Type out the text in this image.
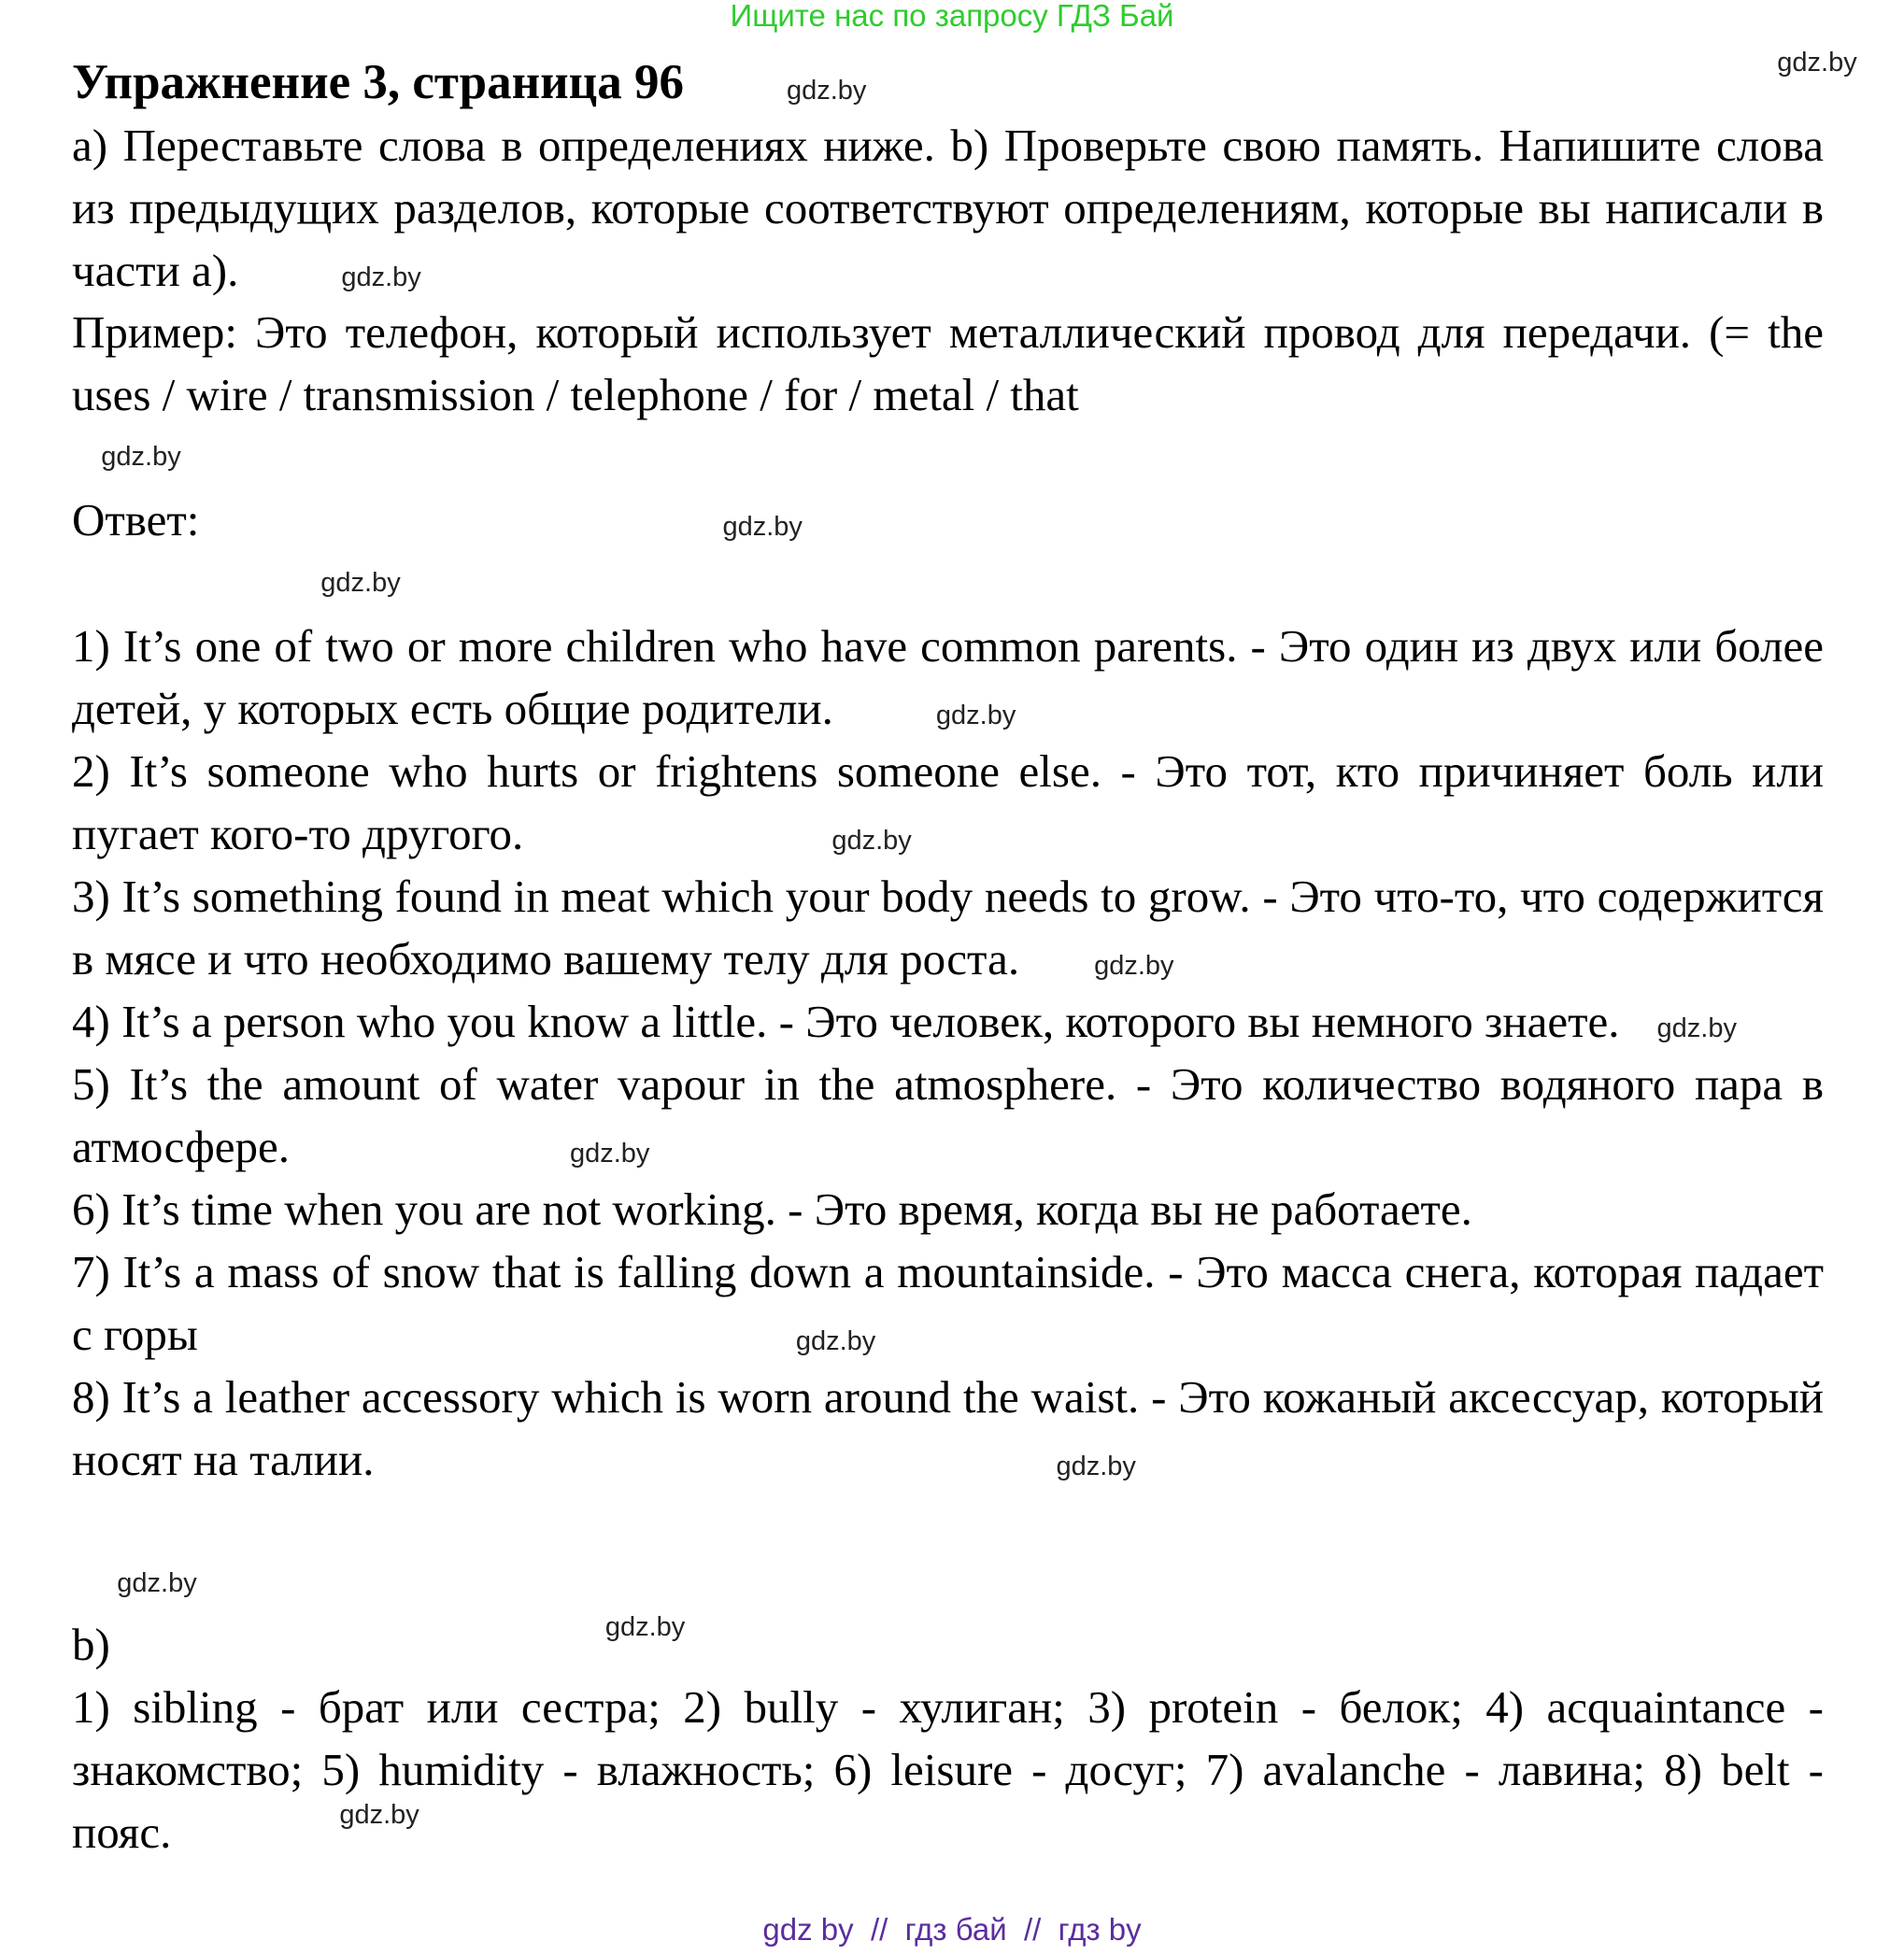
Ищите нас по запросу ГДЗ Бай
Упражнение 3, страница 96	gdz.by
a) Переставьте слова в определениях ниже. b) Проверьте свою память. Напишите слова из предыдущих разделов, которые соответствуют определениям, которые вы написали в части a).	gdz.by
Пример: Это телефон, который использует металлический провод для передачи. (= the uses / wire / transmission / telephone / for / metal / that
Ответ:	gdz.by
1) It’s one of two or more children who have common parents. - Это один из двух или более детей, у которых есть общие родители.	gdz.by
2) It’s someone who hurts or frightens someone else. - Это тот, кто причиняет боль или пугает кого-то другого.	gdz.by
3) It’s something found in meat which your body needs to grow. - Это что-то, что содержится в мясе и что необходимо вашему телу для роста.	gdz.by
4) It’s a person who you know a little. - Это человек, которого вы немного знаете. gdz.by
5) It’s the amount of water vapour in the atmosphere. - Это количество водяного пара в атмосфере.	gdz.by
6) It’s time when you are not working. - Это время, когда вы не работаете.
7) It’s a mass of snow that is falling down a mountainside. - Это масса снега, которая падает с горы	gdz.by
8) It’s a leather accessory which is worn around the waist. - Это кожаный аксессуар, который носят на талии.	gdz.by
b)	gdz.by
1) sibling - брат или сестра; 2) bully - хулиган; 3) protein - белок; 4) acquaintance - знакомство; 5) humidity - влажность; 6) leisure - досуг; 7) avalanche - лавина; 8) belt - пояс.	gdz.by
gdz.by
gdz.by
gdz.by
gdz.by
gdz by  //  гдз бай  //  гдз by
